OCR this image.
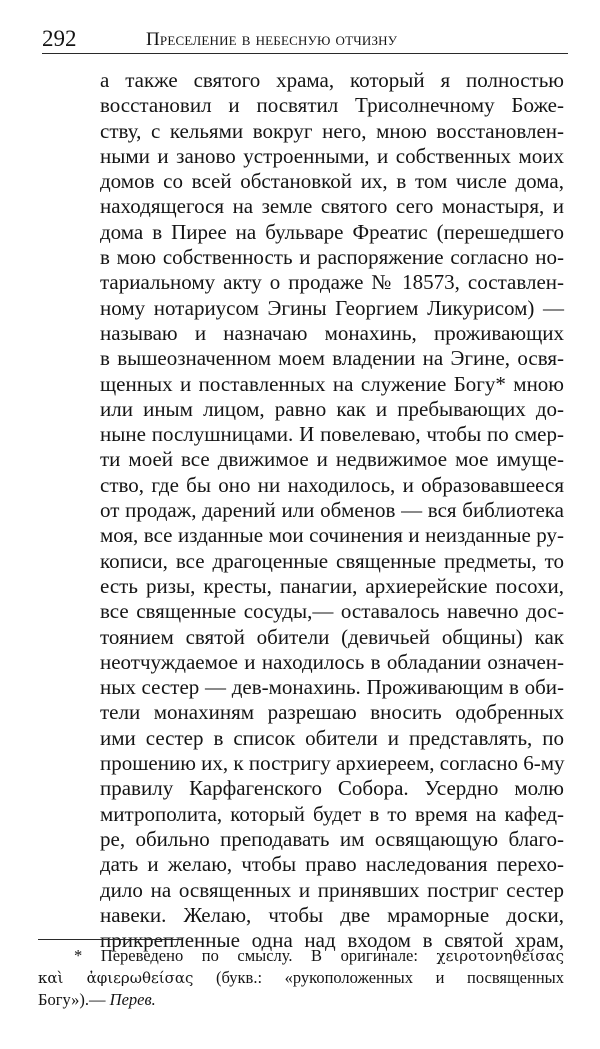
292	Преселение в небесную отчизну
а также святого храма, который я полностью
восстановил и посвятил Трисолнечному Боже-
ству, с кельями вокруг него, мною восстановлен-
ными и заново устроенными, и собственных моих
домов со всей обстановкой их, в том числе дома,
находящегося на земле святого сего монастыря, и
дома в Пирее на бульваре Фреатис (перешедшего
в мою собственность и распоряжение согласно но-
тариальному акту о продаже № 18573, составлен-
ному нотариусом Эгины Георгием Ликурисом) —
называю и назначаю монахинь, проживающих
в вышеозначенном моем владении на Эгине, освя-
щенных и поставленных на служение Богу* мною
или иным лицом, равно как и пребывающих до-
ныне послушницами. И повелеваю, чтобы по смер-
ти моей все движимое и недвижимое мое имуще-
ство, где бы оно ни находилось, и образовавшееся
от продаж, дарений или обменов — вся библиотека
моя, все изданные мои сочинения и неизданные ру-
кописи, все драгоценные священные предметы, то
есть ризы, кресты, панагии, архиерейские посохи,
все священные сосуды,— оставалось навечно дос-
тоянием святой обители (девичьей общины) как
неотчуждаемое и находилось в обладании означен-
ных сестер — дев-монахинь. Проживающим в оби-
тели монахиням разрешаю вносить одобренных
ими сестер в список обители и представлять, по
прошению их, к постригу архиереем, согласно 6-му
правилу Карфагенского Собора. Усердно молю
митрополита, который будет в то время на кафед-
ре, обильно преподавать им освящающую благо-
дать и желаю, чтобы право наследования перехо-
дило на освященных и принявших постриг сестер
навеки. Желаю, чтобы две мраморные доски,
прикрепленные одна над входом в святой храм,
* Переведено по смыслу. В оригинале: χειροτονηθείσας
καὶ ἀφιερωθείσας (букв.: «рукоположенных и посвященных
Богу»).— Перев.
